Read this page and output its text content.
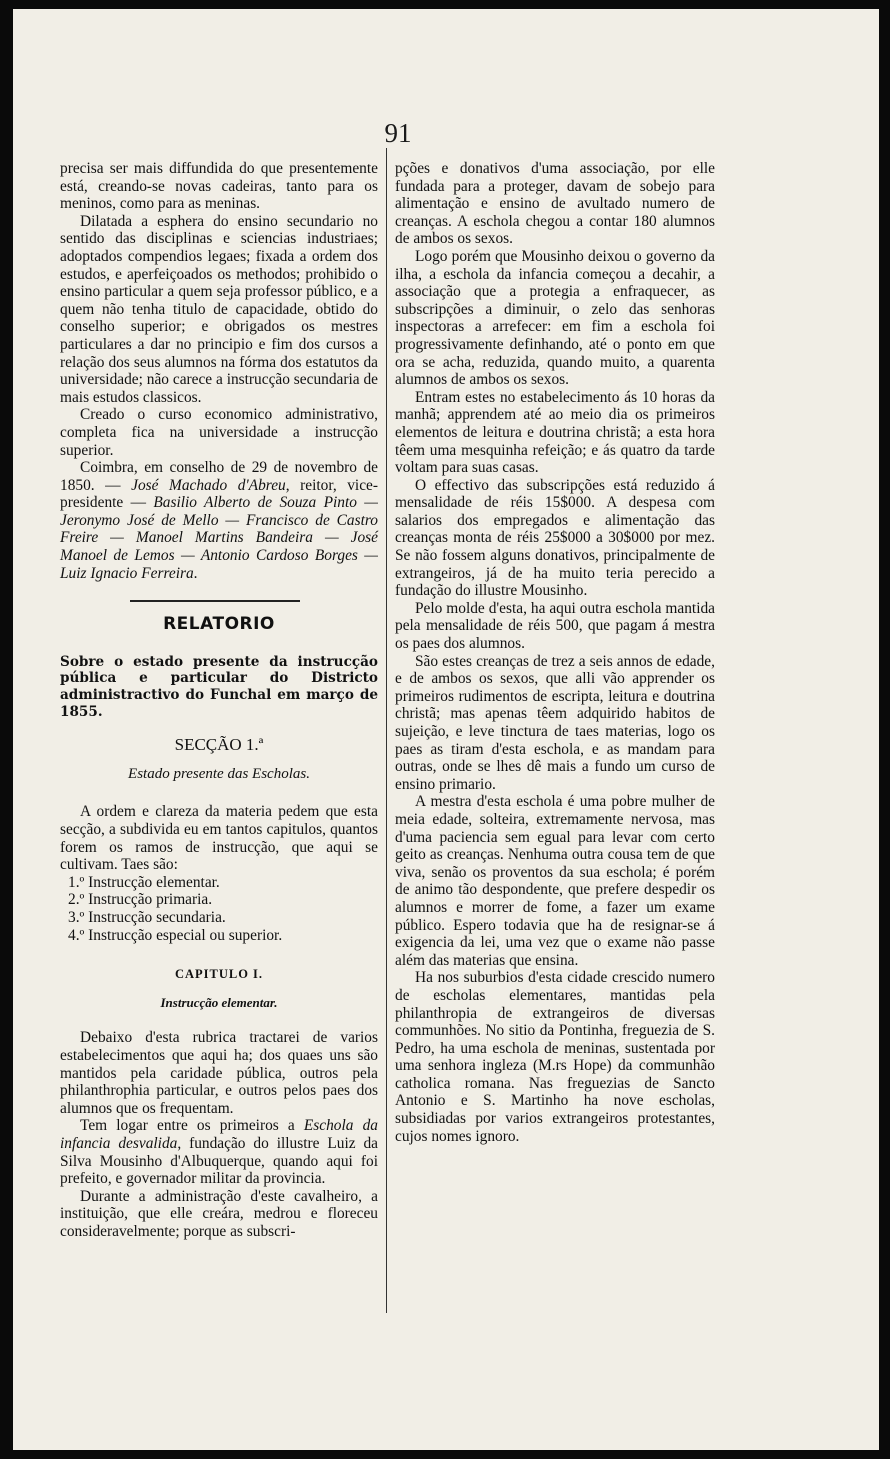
91

precisa ser mais diffundida do que presentemente está, creando-se novas cadeiras, tanto para os meninos, como para as meninas.

Dilatada a esphera do ensino secundario no sentido das disciplinas e sciencias industriaes; adoptados compendios legaes; fixada a ordem dos estudos, e aperfeiçoados os methodos; prohibido o ensino particular a quem seja professor público, e a quem não tenha titulo de capacidade, obtido do conselho superior; e obrigados os mestres particulares a dar no principio e fim dos cursos a relação dos seus alumnos na fórma dos estatutos da universidade; não carece a instrucção secundaria de mais estudos classicos.

Creado o curso economico administrativo, completa fica na universidade a instrucção superior.

Coimbra, em conselho de 29 de novembro de 1850. — José Machado d'Abreu, reitor, vice-presidente — Basilio Alberto de Souza Pinto — Jeronymo José de Mello — Francisco de Castro Freire — Manoel Martins Bandeira — José Manoel de Lemos — Antonio Cardoso Borges — Luiz Ignacio Ferreira.

RELATORIO

Sobre o estado presente da instrucção pública e particular do Districto administractivo do Funchal em março de 1855.

SECÇÃO 1.ª
Estado presente das Escholas.

A ordem e clareza da materia pedem que esta secção, a subdivida eu em tantos capitulos, quantos forem os ramos de instrucção, que aqui se cultivam. Taes são:

1.º Instrucção elementar.
2.º Instrucção primaria.
3.º Instrucção secundaria.
4.º Instrucção especial ou superior.
CAPITULO I.
Instrucção elementar.

Debaixo d'esta rubrica tractarei de varios estabelecimentos que aqui ha; dos quaes uns são mantidos pela caridade pública, outros pela philanthrophia particular, e outros pelos paes dos alumnos que os frequentam.

Tem logar entre os primeiros a Eschola da infancia desvalida, fundação do illustre Luiz da Silva Mousinho d'Albuquerque, quando aqui foi prefeito, e governador militar da provincia.

Durante a administração d'este cavalheiro, a instituição, que elle creára, medrou e floreceu consideravelmente; porque as subscri-

pções e donativos d'uma associação, por elle fundada para a proteger, davam de sobejo para alimentação e ensino de avultado numero de creanças. A eschola chegou a contar 180 alumnos de ambos os sexos.

Logo porém que Mousinho deixou o governo da ilha, a eschola da infancia começou a decahir, a associação que a protegia a enfraquecer, as subscripções a diminuir, o zelo das senhoras inspectoras a arrefecer: em fim a eschola foi progressivamente definhando, até o ponto em que ora se acha, reduzida, quando muito, a quarenta alumnos de ambos os sexos.

Entram estes no estabelecimento ás 10 horas da manhã; apprendem até ao meio dia os primeiros elementos de leitura e doutrina christã; a esta hora têem uma mesquinha refeição; e ás quatro da tarde voltam para suas casas.

O effectivo das subscripções está reduzido á mensalidade de réis 15$000. A despesa com salarios dos empregados e alimentação das creanças monta de réis 25$000 a 30$000 por mez. Se não fossem alguns donativos, principalmente de extrangeiros, já de ha muito teria perecido a fundação do illustre Mousinho.

Pelo molde d'esta, ha aqui outra eschola mantida pela mensalidade de réis 500, que pagam á mestra os paes dos alumnos.

São estes creanças de trez a seis annos de edade, e de ambos os sexos, que alli vão apprender os primeiros rudimentos de escripta, leitura e doutrina christã; mas apenas têem adquirido habitos de sujeição, e leve tinctura de taes materias, logo os paes as tiram d'esta eschola, e as mandam para outras, onde se lhes dê mais a fundo um curso de ensino primario.

A mestra d'esta eschola é uma pobre mulher de meia edade, solteira, extremamente nervosa, mas d'uma paciencia sem egual para levar com certo geito as creanças. Nenhuma outra cousa tem de que viva, senão os proventos da sua eschola; é porém de animo tão despondente, que prefere despedir os alumnos e morrer de fome, a fazer um exame público. Espero todavia que ha de resignar-se á exigencia da lei, uma vez que o exame não passe além das materias que ensina.

Ha nos suburbios d'esta cidade crescido numero de escholas elementares, mantidas pela philanthropia de extrangeiros de diversas communhões. No sitio da Pontinha, freguezia de S. Pedro, ha uma eschola de meninas, sustentada por uma senhora ingleza (M.rs Hope) da communhão catholica romana. Nas freguezias de Sancto Antonio e S. Martinho ha nove escholas, subsidiadas por varios extrangeiros protestantes, cujos nomes ignoro.
